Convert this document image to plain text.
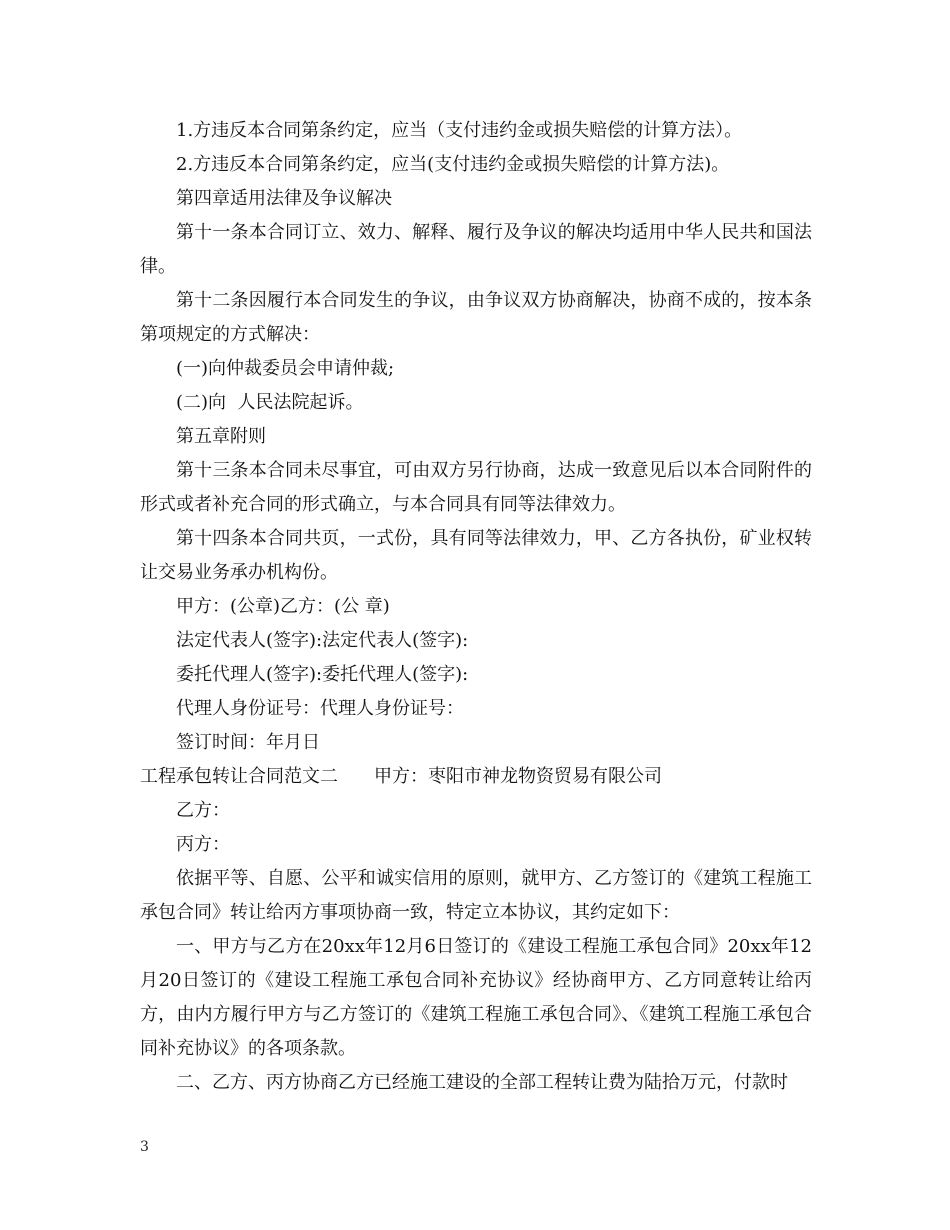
1.方违反本合同第条约定，应当（支付违约金或损失赔偿的计算方法）。

2.方违反本合同第条约定，应当(支付违约金或损失赔偿的计算方法)。

第四章适用法律及争议解决

第十一条本合同订立、效力、解释、履行及争议的解决均适用中华人民共和国法律。

第十二条因履行本合同发生的争议，由争议双方协商解决，协商不成的，按本条第项规定的方式解决：

(一)向仲裁委员会申请仲裁;

(二)向  人民法院起诉。

第五章附则

第十三条本合同未尽事宜，可由双方另行协商，达成一致意见后以本合同附件的形式或者补充合同的形式确立，与本合同具有同等法律效力。

第十四条本合同共页，一式份，具有同等法律效力，甲、乙方各执份，矿业权转让交易业务承办机构份。

甲方：(公章)乙方：(公 章)

法定代表人(签字):法定代表人(签字):

委托代理人(签字):委托代理人(签字):

代理人身份证号：代理人身份证号：

签订时间：年月日

工程承包转让合同范文二　　甲方：枣阳市神龙物资贸易有限公司

乙方：

丙方：

依据平等、自愿、公平和诚实信用的原则，就甲方、乙方签订的《建筑工程施工承包合同》转让给丙方事项协商一致，特定立本协议，其约定如下：

一、甲方与乙方在20xx年12月6日签订的《建设工程施工承包合同》20xx年12月20日签订的《建设工程施工承包合同补充协议》经协商甲方、乙方同意转让给丙方，由内方履行甲方与乙方签订的《建筑工程施工承包合同》、《建筑工程施工承包合同补充协议》的各项条款。

二、乙方、丙方协商乙方已经施工建设的全部工程转让费为陆拾万元，付款时

3
